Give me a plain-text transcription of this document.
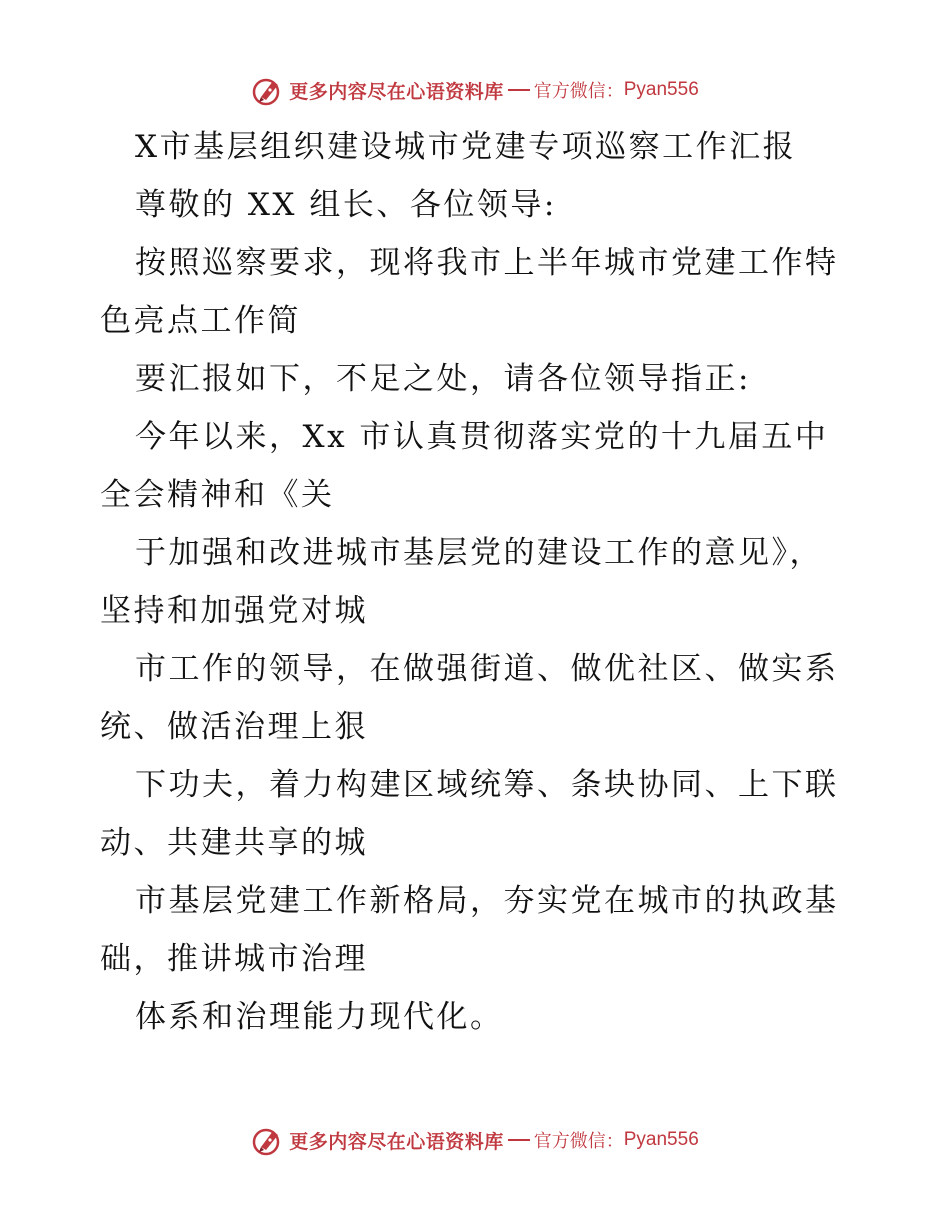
更多内容尽在心语资料库 官方微信： Pyan556

X市基层组织建设城市党建专项巡察工作汇报

尊敬的 XX 组长、各位领导:

按照巡察要求，现将我市上半年城市党建工作特

色亮点工作简

要汇报如下，不足之处，请各位领导指正:

今年以来，Xx 市认真贯彻落实党的十九届五中

全会精神和《关

于加强和改进城市基层党的建设工作的意见》，

坚持和加强党对城

市工作的领导，在做强街道、做优社区、做实系

统、做活治理上狠

下功夫，着力构建区域统筹、条块协同、上下联

动、共建共享的城

市基层党建工作新格局，夯实党在城市的执政基

础，推讲城市治理

体系和治理能力现代化。

更多内容尽在心语资料库 官方微信： Pyan556
